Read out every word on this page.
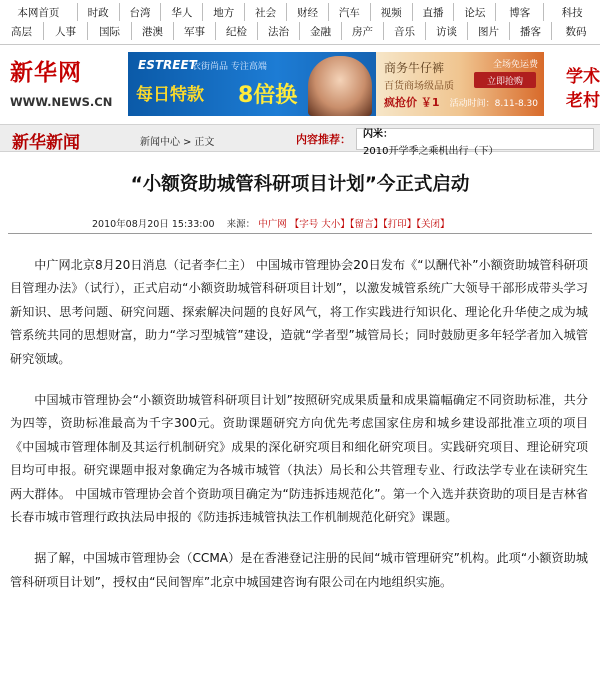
本网首页	时政	台湾	华人	地方	社会	财经	汽车	视频	直播	论坛	博客	科技
高层	人事	国际	港澳	军事	纪检	法治	金融	房产	音乐	访谈	图片	播客	数码
新华网
WWW.NEWS.CN
ESTREET
衣街尚品 专注高端
每日特款 8倍换
商务牛仔裤
百货商场级品质
疯抢价 ￥1
全场免运费
立即抢购
活动时间：8.11-8.30
学术
老村
新华新闻	新闻中心 > 正文	内容推荐： 闪米：
2010开学季之乘机出行（下）
“小额资助城管科研项目计划”今正式启动
2010年08月20日 15:33:00 来源： 中广网 【字号 大小】【留言】【打印】【关闭】

中广网北京8月20日消息（记者李仁主） 中国城市管理协会20日发布《“以酬代补”小额资助城管科研项目管理办法》（试行），正式启动“小额资助城管科研项目计划”，以激发城管系统广大领导干部形成带头学习新知识、思考问题、研究问题、探索解决问题的良好风气，将工作实践进行知识化、理论化升华使之成为城管系统共同的思想财富，助力“学习型城管”建设，造就“学者型”城管局长；同时鼓励更多年轻学者加入城管研究领域。

中国城市管理协会“小额资助城管科研项目计划”按照研究成果质量和成果篇幅确定不同资助标准，共分为四等，资助标准最高为千字300元。资助课题研究方向优先考虑国家住房和城乡建设部批准立项的项目《中国城市管理体制及其运行机制研究》成果的深化研究项目和细化研究项目。实践研究项目、理论研究项目均可申报。研究课题申报对象确定为各城市城管（执法）局长和公共管理专业、行政法学专业在读研究生两大群体。 中国城市管理协会首个资助项目确定为“防违拆违规范化”。第一个入选并获资助的项目是吉林省长春市城市管理行政执法局申报的《防违拆违城管执法工作机制规范化研究》课题。

据了解，中国城市管理协会（CCMA）是在香港登记注册的民间“城市管理研究”机构。此项“小额资助城管科研项目计划”，授权由“民间智库”北京中城国建咨询有限公司在内地组织实施。
